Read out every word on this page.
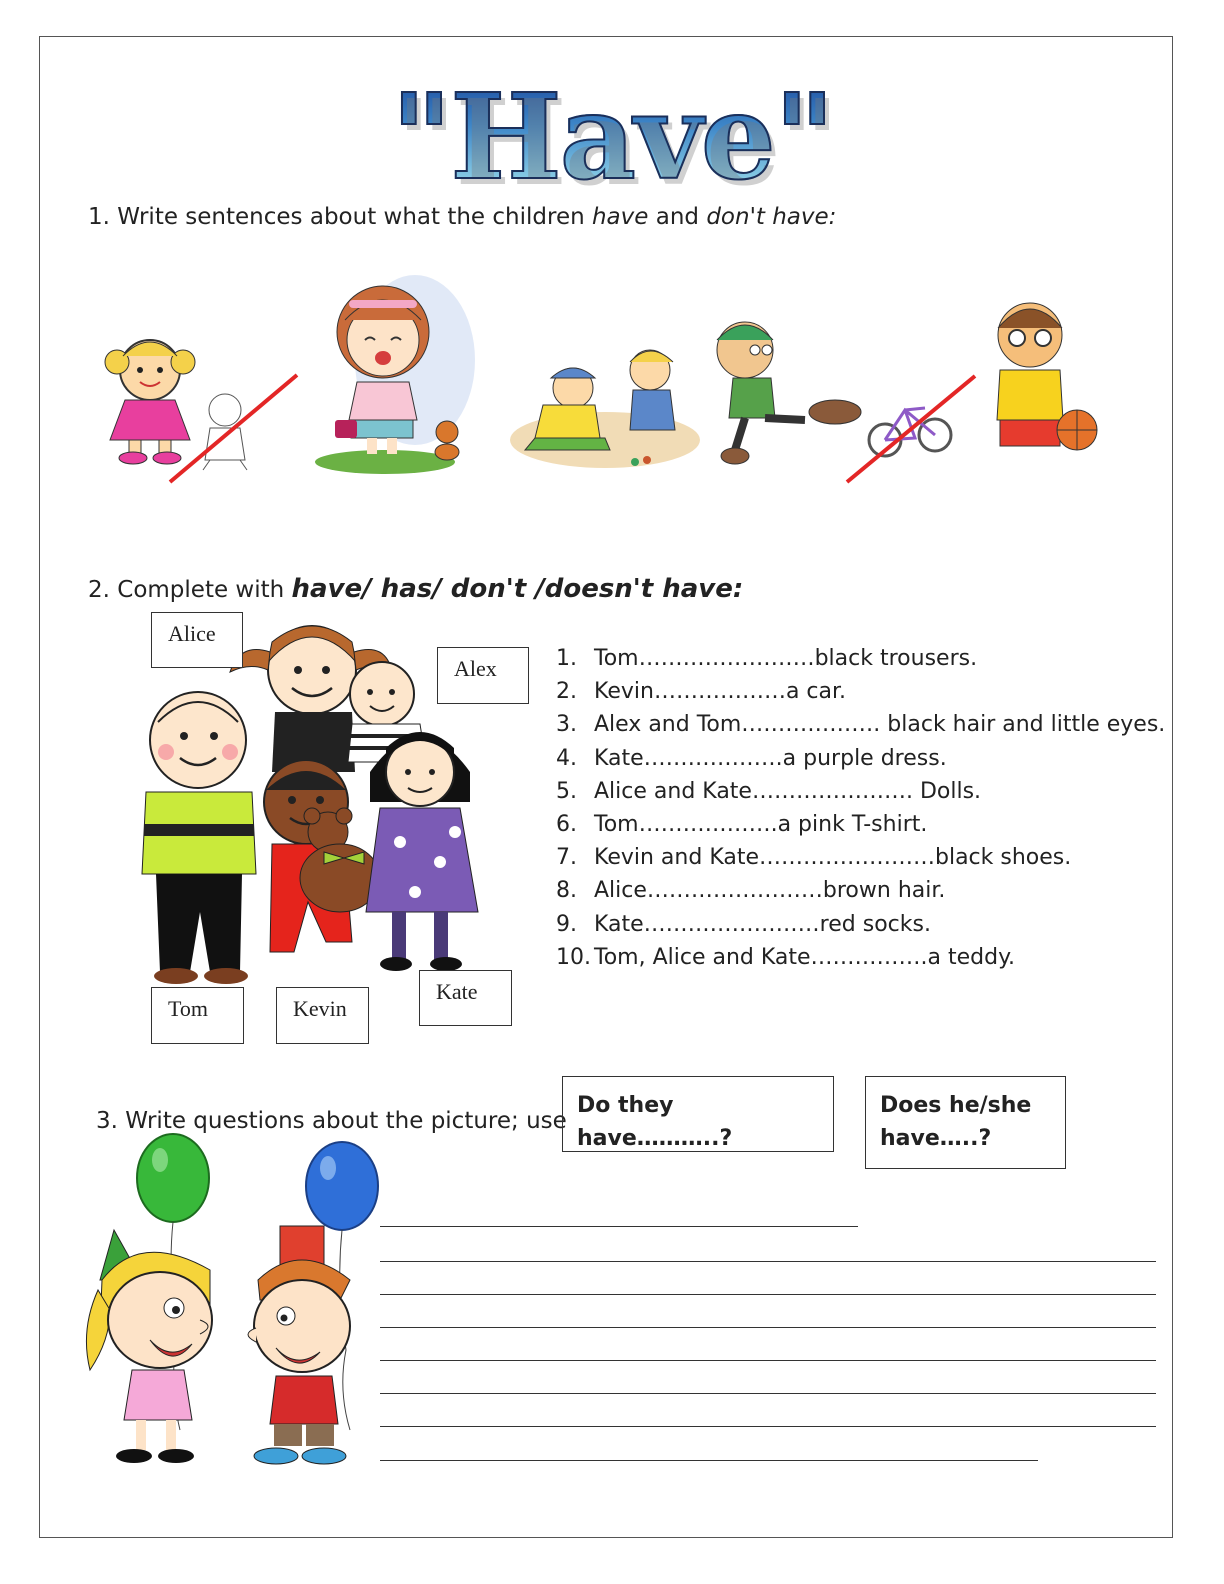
"Have"
1. Write sentences about what the children have and don't have:
2. Complete with have/ has/ don't /doesn't have:
Alice
Alex
Tom	Kevin
Kate
1. Tom……………………black trousers.
2. Kevin………………a car.
3. Alex and Tom………………. black hair and little eyes.
4. Kate……………….a purple dress.
5. Alice and Kate…………………. Dolls.
6. Tom……………….a pink T-shirt.
7. Kevin and Kate……………………black shoes.
8. Alice……………………brown hair.
9. Kate……………………red socks.
10. Tom, Alice and Kate…………….a teddy.
3. Write questions about the picture; use
Do they have………..?
Does he/she
have…..?
